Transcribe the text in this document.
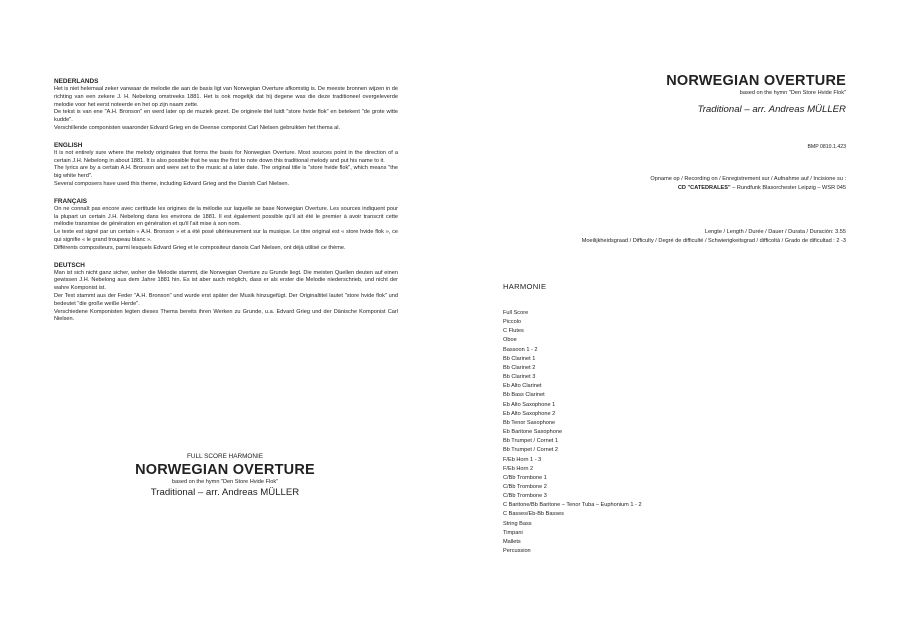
NEDERLANDS

Het is niet helemaal zeker vanwaar de melodie die aan de basis ligt van Norwegian Overture afkomstig is. De meeste bronnen wijzen in de richting van een zekere J. H. Nebelong omstreeks 1881. Het is ook mogelijk dat hij degene was die deze traditioneel overgeleverde melodie voor het eerst noteerde en het op zijn naam zette.
De tekst is van ene "A.H. Bronson" en werd later op de muziek gezet. De originele titel luidt "store hvide flok" en betekent "de grote witte kudde".
Verschillende componisten waaronder Edvard Grieg en de Deense componist Carl Nielsen gebruikten het thema al.

ENGLISH

It is not entirely sure where the melody originates that forms the basis for Norwegian Overture. Most sources point in the direction of a certain J.H. Nebelong in about 1881. It is also possible that he was the first to note down this traditional melody and put his name to it.
The lyrics are by a certain A.H. Bronson and were set to the music at a later date. The original title is "store hvide flok", which means "the big white herd".
Several composers have used this theme, including Edvard Grieg and the Danish Carl Nielsen.

FRANÇAIS

On ne connaît pas encore avec certitude les origines de la mélodie sur laquelle se base Norwegian Overture. Les sources indiquent pour la plupart un certain J.H. Nebelong dans les environs de 1881. Il est également possible qu'il ait été le premier à avoir transcrit cette mélodie transmise de génération en génération et qu'il l'ait mise à son nom.
Le texte est signé par un certain « A.H. Bronson » et a été posé ultérieurement sur la musique. Le titre original est « store hvide flok », ce qui signifie « le grand troupeau blanc ».
Différents compositeurs, parmi lesquels Edvard Grieg et le compositeur danois Carl Nielsen, ont déjà utilisé ce thème.

DEUTSCH

Man ist sich nicht ganz sicher, woher die Melodie stammt, die Norwegian Overture zu Grunde liegt. Die meisten Quellen deuten auf einen gewissen J.H. Nebelong aus dem Jahre 1881 hin. Es ist aber auch möglich, dass er als erster die Melodie niederschrieb, und nicht der wahre Komponist ist.
Der Text stammt aus der Feder "A.H. Bronson" und wurde erst später der Musik hinzugefügt. Der Originaltitel lautet "store hvide flok" und bedeutet "die große weiße Herde".
Verschiedene Komponisten legten dieses Thema bereits ihren Werken zu Grunde, u.a. Edvard Grieg und der Dänische Komponist Carl Nielsen.

FULL SCORE HARMONIE
NORWEGIAN OVERTURE
based on the hymn "Den Store Hvide Flok"
Traditional – arr. Andreas MÜLLER
NORWEGIAN OVERTURE
based on the hymn "Den Store Hvide Flok"
Traditional – arr. Andreas MÜLLER
BMP 0810.1.423
Opname op / Recording on / Enregistrement sur / Aufnahme auf / Incisione su :
CD "CATEDRALES" – Rundfunk Blasorchester Leipzig – WSR 045
Lengte / Length / Durée / Dauer / Durata / Duración: 3.55
Moeilijkheidsgraad / Difficulty / Degré de difficulté / Schwierigkeitsgrad / difficoltà / Grado de dificultad : 2 -3
HARMONIE
Full Score
Piccolo
C Flutes
Oboe
Bassoon 1 - 2
Bb Clarinet 1
Bb Clarinet 2
Bb Clarinet 3
Eb Alto Clarinet
Bb Bass Clarinet
Eb Alto Saxophone 1
Eb Alto Saxophone 2
Bb Tenor Saxophone
Eb Baritone Saxophone
Bb Trumpet / Cornet 1
Bb Trumpet / Cornet 2
F/Eb Horn 1 - 3
F/Eb Horn 2
C/Bb Trombone 1
C/Bb Trombone 2
C/Bb Trombone 3
C Baritone/Bb Baritone – Tenor Tuba – Euphonium 1 - 2
C Basses/Eb-Bb Basses
String Bass
Timpani
Mallets
Percussion
